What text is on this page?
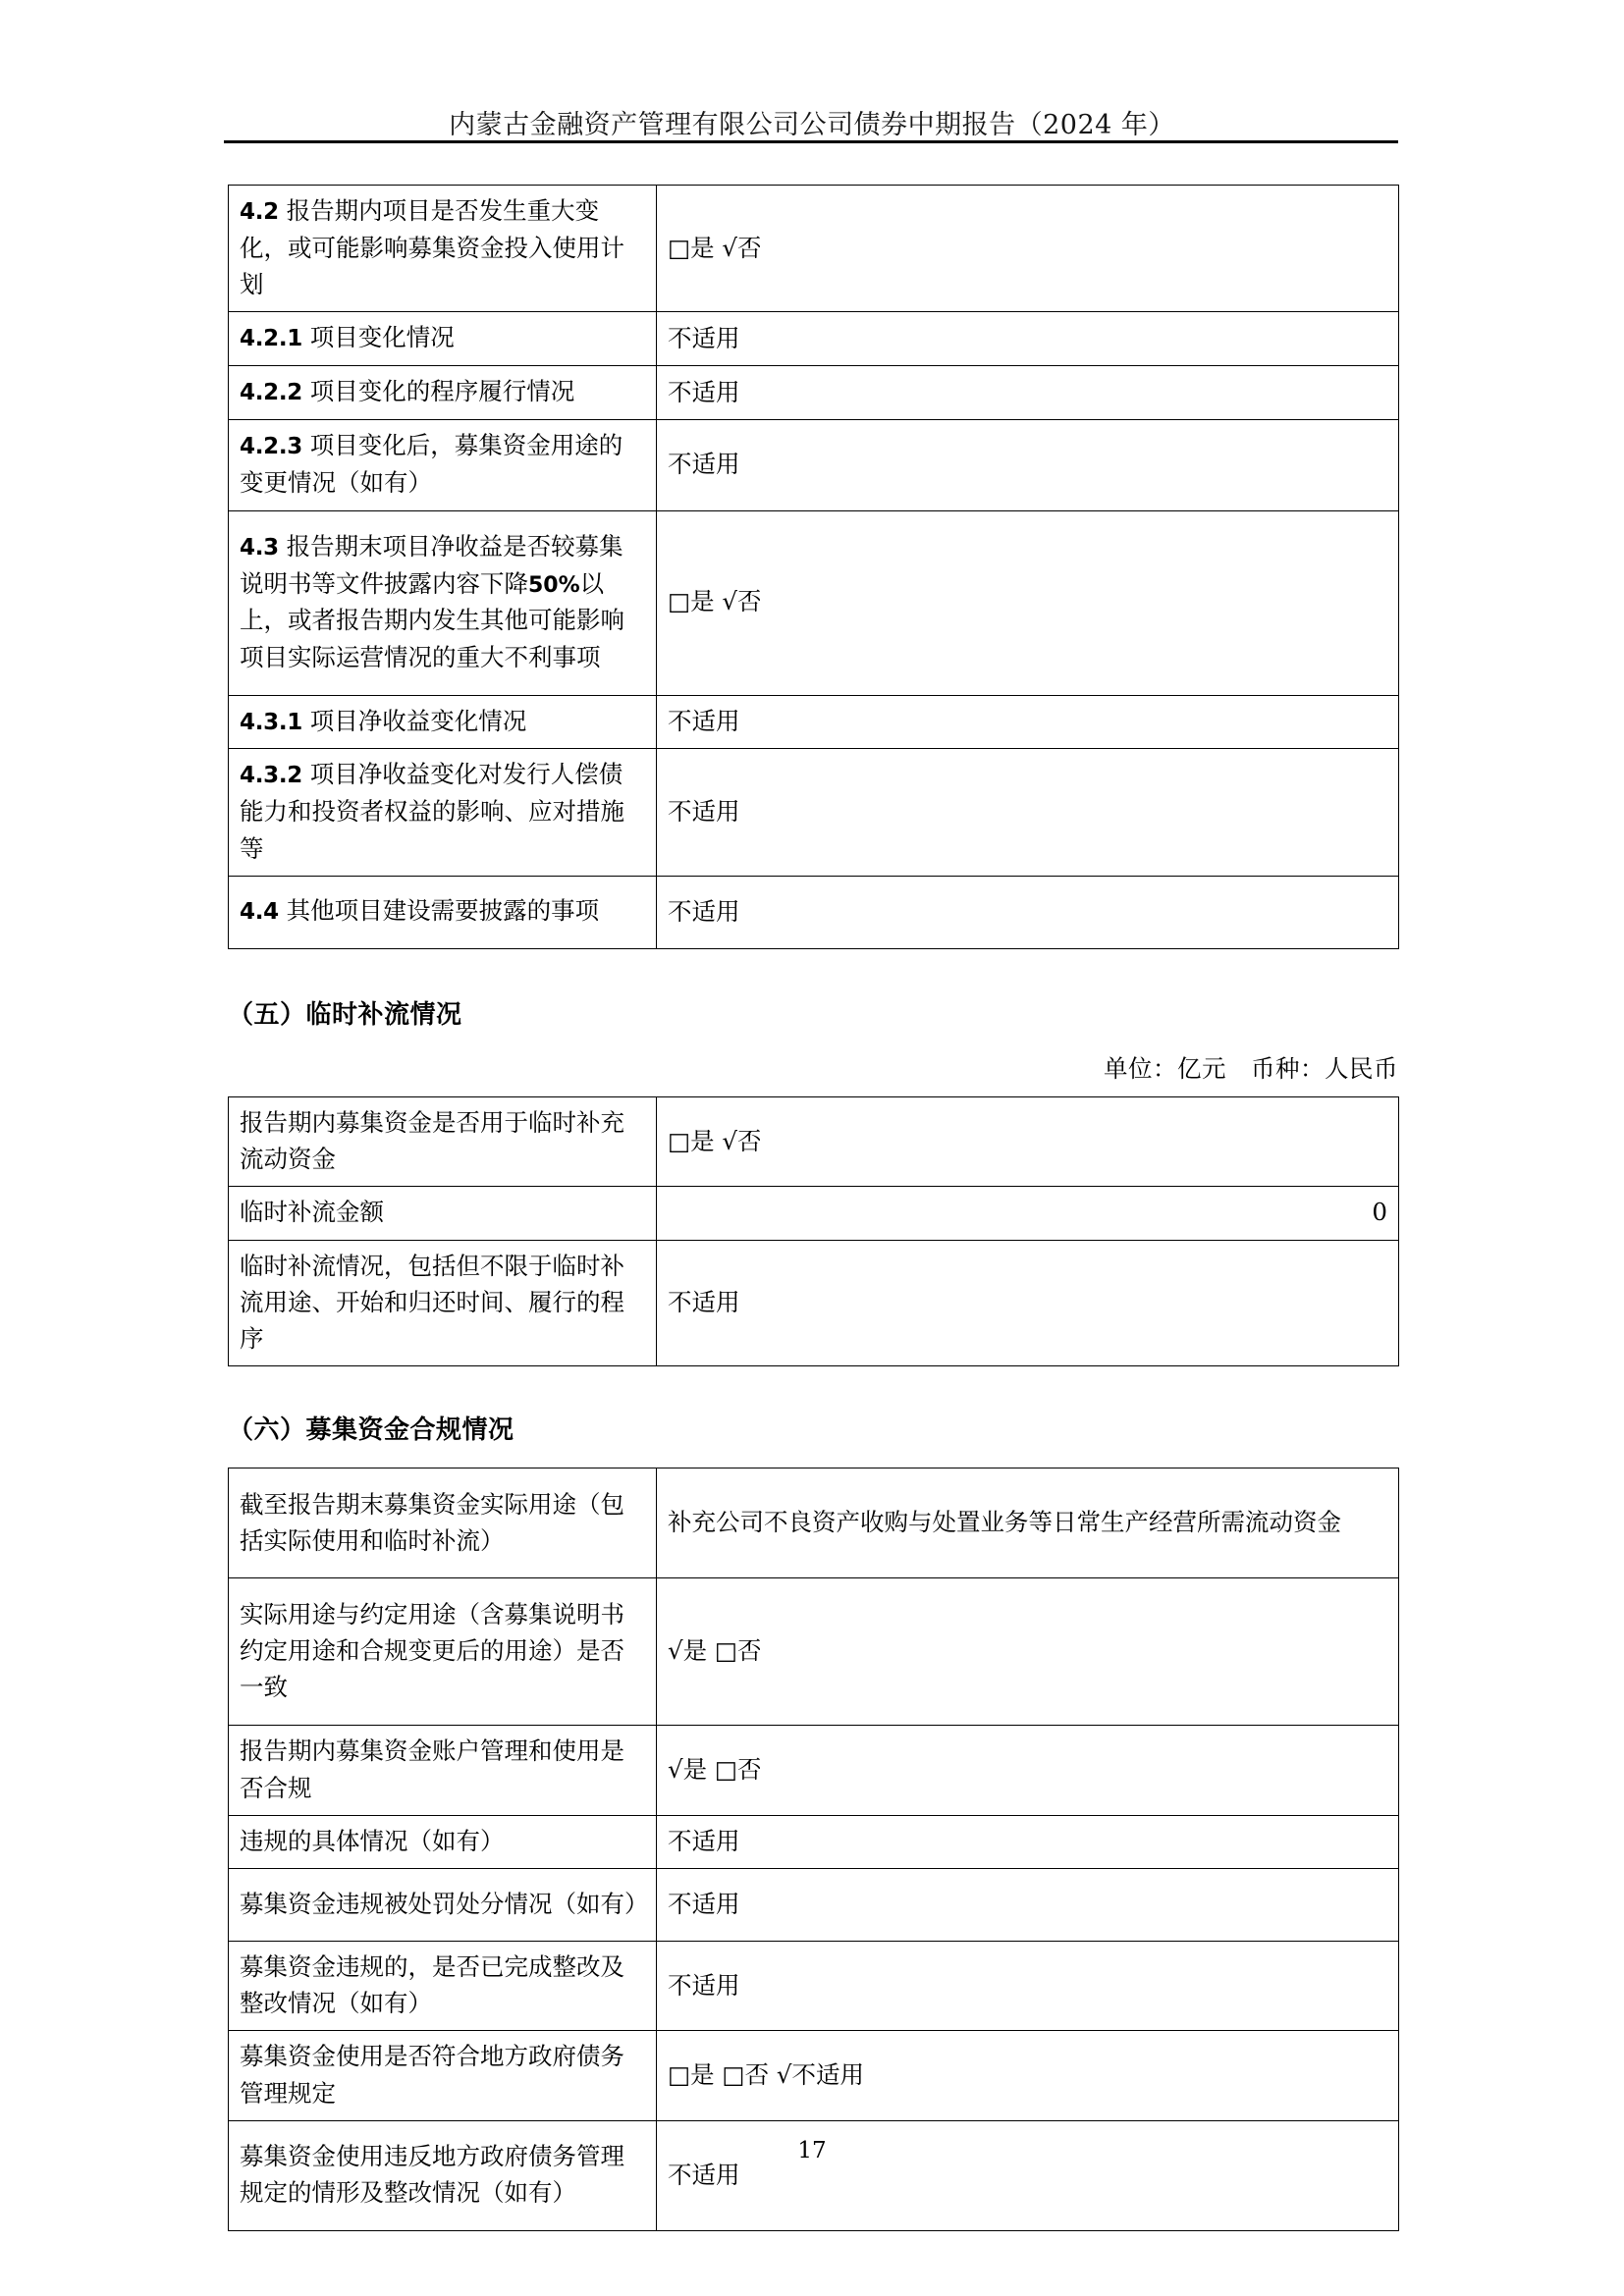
内蒙古金融资产管理有限公司公司债券中期报告（2024 年）
4.2 报告期内项目是否发生重大变化，或可能影响募集资金投入使用计划	□是 √否
4.2.1 项目变化情况	不适用
4.2.2 项目变化的程序履行情况	不适用
4.2.3 项目变化后，募集资金用途的变更情况（如有）	不适用
4.3 报告期末项目净收益是否较募集说明书等文件披露内容下降50%以上，或者报告期内发生其他可能影响项目实际运营情况的重大不利事项	□是 √否
4.3.1 项目净收益变化情况	不适用
4.3.2 项目净收益变化对发行人偿债能力和投资者权益的影响、应对措施等	不适用
4.4 其他项目建设需要披露的事项	不适用
（五）临时补流情况
单位：亿元　币种：人民币
报告期内募集资金是否用于临时补充流动资金	□是 √否
临时补流金额	0
临时补流情况，包括但不限于临时补流用途、开始和归还时间、履行的程序	不适用
（六）募集资金合规情况
截至报告期末募集资金实际用途（包括实际使用和临时补流）	补充公司不良资产收购与处置业务等日常生产经营所需流动资金
实际用途与约定用途（含募集说明书约定用途和合规变更后的用途）是否一致	√是 □否
报告期内募集资金账户管理和使用是否合规	√是 □否
违规的具体情况（如有）	不适用
募集资金违规被处罚处分情况（如有）	不适用
募集资金违规的，是否已完成整改及整改情况（如有）	不适用
募集资金使用是否符合地方政府债务管理规定	□是 □否 √不适用
募集资金使用违反地方政府债务管理规定的情形及整改情况（如有）	不适用
17
